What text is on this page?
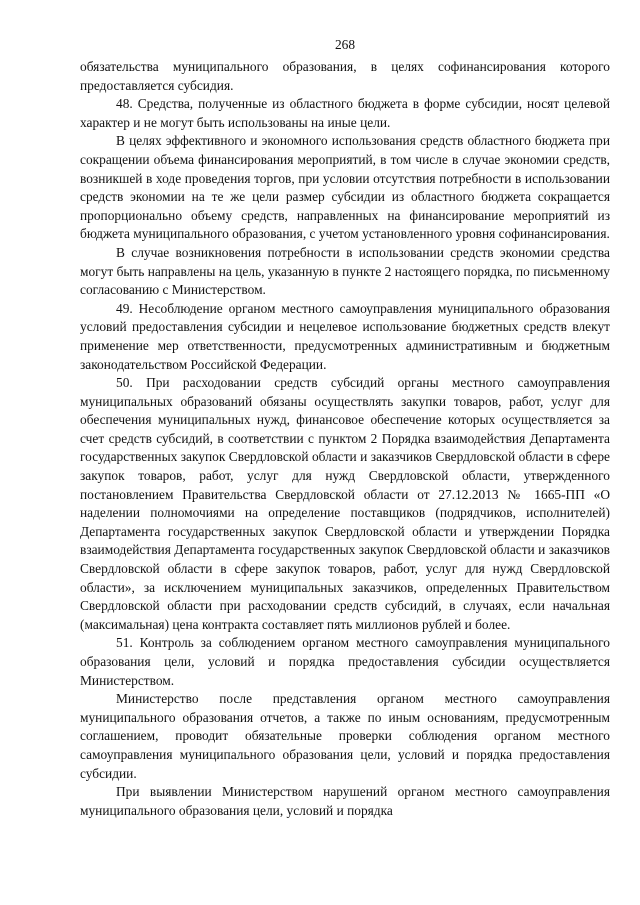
268

обязательства муниципального образования, в целях софинансирования которого предоставляется субсидия.

48. Средства, полученные из областного бюджета в форме субсидии, носят целевой характер и не могут быть использованы на иные цели.

В целях эффективного и экономного использования средств областного бюджета при сокращении объема финансирования мероприятий, в том числе в случае экономии средств, возникшей в ходе проведения торгов, при условии отсутствия потребности в использовании средств экономии на те же цели размер субсидии из областного бюджета сокращается пропорционально объему средств, направленных на финансирование мероприятий из бюджета муниципального образования, с учетом установленного уровня софинансирования.

В случае возникновения потребности в использовании средств экономии средства могут быть направлены на цель, указанную в пункте 2 настоящего порядка, по письменному согласованию с Министерством.

49. Несоблюдение органом местного самоуправления муниципального образования условий предоставления субсидии и нецелевое использование бюджетных средств влекут применение мер ответственности, предусмотренных административным и бюджетным законодательством Российской Федерации.

50. При расходовании средств субсидий органы местного самоуправления муниципальных образований обязаны осуществлять закупки товаров, работ, услуг для обеспечения муниципальных нужд, финансовое обеспечение которых осуществляется за счет средств субсидий, в соответствии с пунктом 2 Порядка взаимодействия Департамента государственных закупок Свердловской области и заказчиков Свердловской области в сфере закупок товаров, работ, услуг для нужд Свердловской области, утвержденного постановлением Правительства Свердловской области от 27.12.2013 № 1665-ПП «О наделении полномочиями на определение поставщиков (подрядчиков, исполнителей) Департамента государственных закупок Свердловской области и утверждении Порядка взаимодействия Департамента государственных закупок Свердловской области и заказчиков Свердловской области в сфере закупок товаров, работ, услуг для нужд Свердловской области», за исключением муниципальных заказчиков, определенных Правительством Свердловской области при расходовании средств субсидий, в случаях, если начальная (максимальная) цена контракта составляет пять миллионов рублей и более.

51. Контроль за соблюдением органом местного самоуправления муниципального образования цели, условий и порядка предоставления субсидии осуществляется Министерством.

Министерство после представления органом местного самоуправления муниципального образования отчетов, а также по иным основаниям, предусмотренным соглашением, проводит обязательные проверки соблюдения органом местного самоуправления муниципального образования цели, условий и порядка предоставления субсидии.

При выявлении Министерством нарушений органом местного самоуправления муниципального образования цели, условий и порядка
